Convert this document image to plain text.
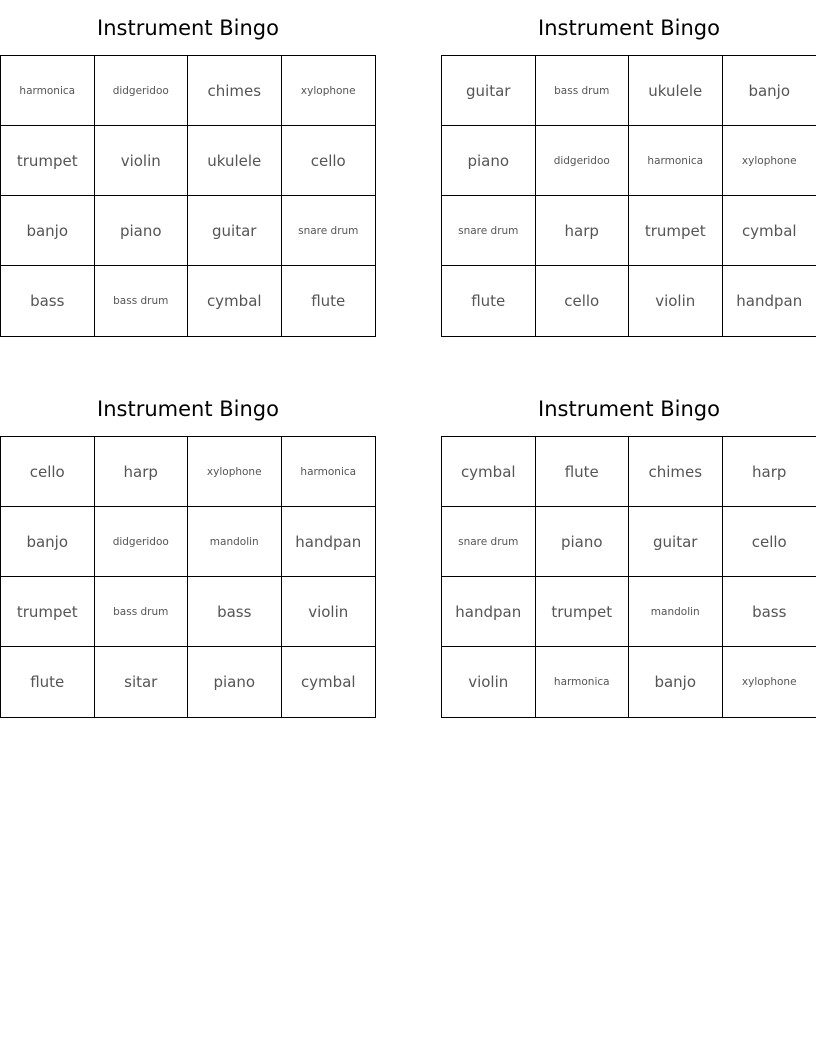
Instrument Bingo
harmonica	didgeridoo	chimes	xylophone
trumpet	violin	ukulele	cello
banjo	piano	guitar	snare drum
bass	bass drum	cymbal	flute
Instrument Bingo
guitar	bass drum	ukulele	banjo
piano	didgeridoo	harmonica	xylophone
snare drum	harp	trumpet	cymbal
flute	cello	violin	handpan
Instrument Bingo
cello	harp	xylophone	harmonica
banjo	didgeridoo	mandolin	handpan
trumpet	bass drum	bass	violin
flute	sitar	piano	cymbal
Instrument Bingo
cymbal	flute	chimes	harp
snare drum	piano	guitar	cello
handpan	trumpet	mandolin	bass
violin	harmonica	banjo	xylophone
